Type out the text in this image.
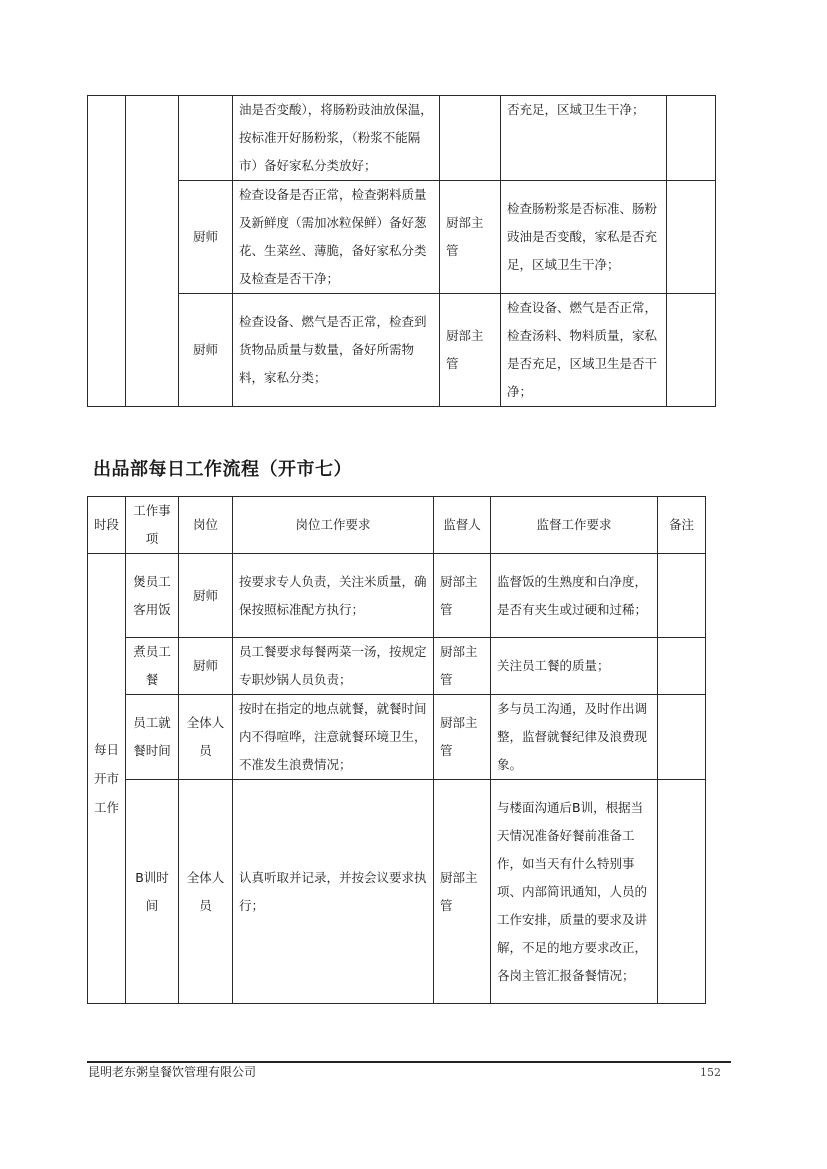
			油是否变酸），将肠粉豉油放保温，按标准开好肠粉浆，（粉浆不能隔市）备好家私分类放好；		否充足，区域卫生干净；	
		厨师	检查设备是否正常，检查粥料质量及新鲜度（需加冰粒保鲜）备好葱花、生菜丝、薄脆，备好家私分类及检查是否干净；	厨部主管	检查肠粉浆是否标准、肠粉豉油是否变酸，家私是否充足，区域卫生干净；	
		厨师	检查设备、燃气是否正常，检查到货物品质量与数量，备好所需物料，家私分类；	厨部主管	检查设备、燃气是否正常，检查汤料、物料质量，家私是否充足，区域卫生是否干净；	
出品部每日工作流程（开市七）
时段	工作事项	岗位	岗位工作要求	监督人	监督工作要求	备注
每日开市工作	煲员工客用饭	厨师	按要求专人负责，关注米质量，确保按照标准配方执行；	厨部主管	监督饭的生熟度和白净度，是否有夹生或过硬和过稀；	
	煮员工餐	厨师	员工餐要求每餐两菜一汤，按规定专职炒锅人员负责；	厨部主管	关注员工餐的质量；	
	员工就餐时间	全体人员	按时在指定的地点就餐，就餐时间内不得喧哗，注意就餐环境卫生，不准发生浪费情况；	厨部主管	多与员工沟通，及时作出调整，监督就餐纪律及浪费现象。	
	B训时间	全体人员	认真听取并记录，并按会议要求执行；	厨部主管	与楼面沟通后B训，根据当天情况准备好餐前准备工作，如当天有什么特别事项、内部简讯通知，人员的工作安排，质量的要求及讲解，不足的地方要求改正，各岗主管汇报备餐情况；	
昆明老东粥皇餐饮管理有限公司	152
